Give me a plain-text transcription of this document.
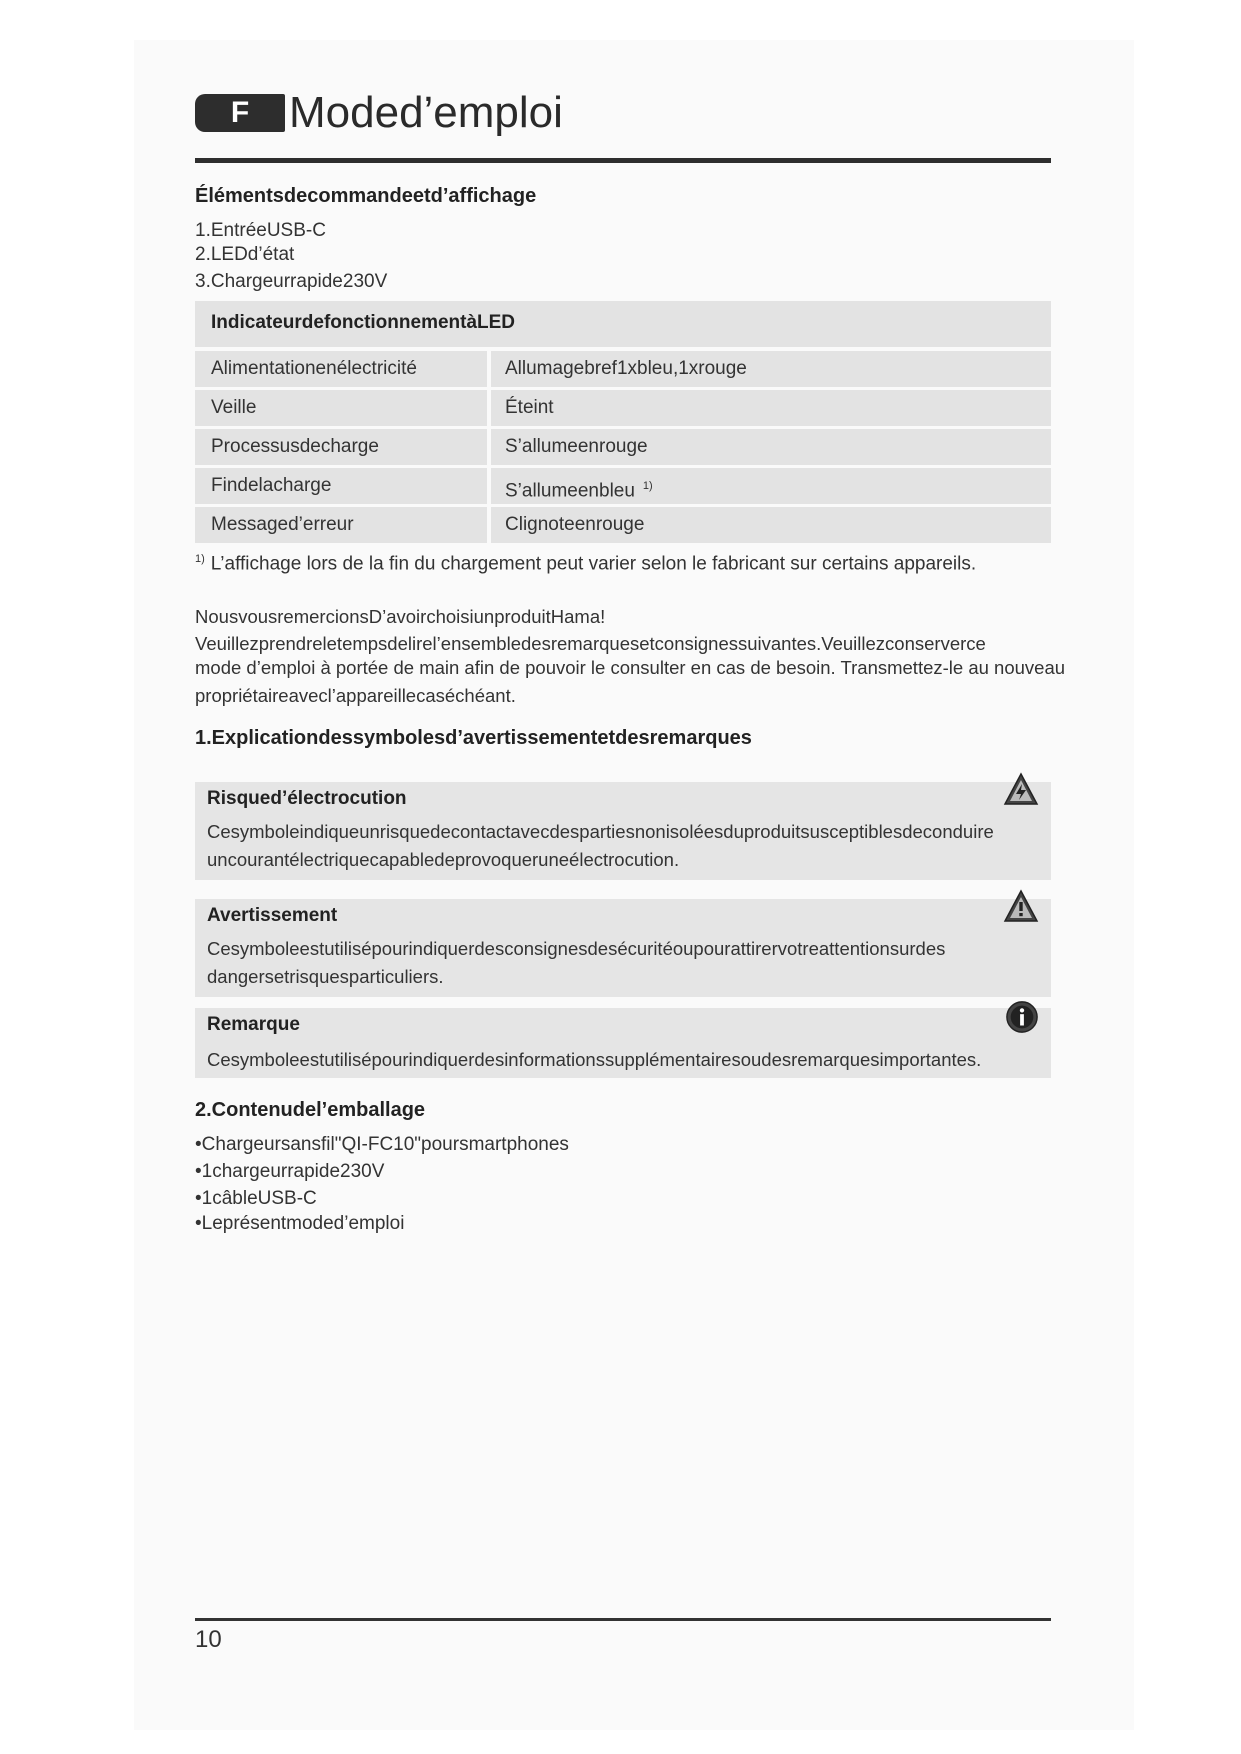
F Moded’emploi
Élémentsdecommandeetd’affichage
1.EntréeUSB-C
2.LEDd’état
3.Chargeurrapide230V
IndicateurdefonctionnementàLED
Alimentationenélectricité	Allumagebref1xbleu,1xrouge
Veille	Éteint
Processusdecharge	S’allumeenrouge
Findelacharge	S’allumeenbleu $^{1)}$
Messaged’erreur	Clignoteenrouge
$^{1)}$ L’affichage lors de la fin du chargement peut varier selon le fabricant sur certains appareils.
NousvousremercionsD’avoirchoisiunproduitHama!
Veuillezprendreletempsdelirel’ensembledesremarquesetconsignessuivantes.Veuillezconserverce
mode d’emploi à portée de main afin de pouvoir le consulter en cas de besoin. Transmettez-le au nouveau
propriétaireavecl’appareillecaséchéant.
1.Explicationdessymbolesd’avertissementetdesremarques
Risqued’électrocution
Cesymboleindiqueunrisquedecontactavecdespartiesnonisoléesduproduitsusceptiblesdeconduire
uncourantélectriquecapabledeprovoqueruneélectrocution.
Avertissement
Cesymboleestutilisépourindiquerdesconsignesdesécuritéoupourattirervotreattentionsurdes
dangersetrisquesparticuliers.
Remarque
Cesymboleestutilisépourindiquerdesinformationssupplémentairesoudesremarquesimportantes.
2.Contenudel’emballage
•Chargeursansfil"QI-FC10"poursmartphones
•1chargeurrapide230V
•1câbleUSB-C
•Leprésentmoded’emploi
10
